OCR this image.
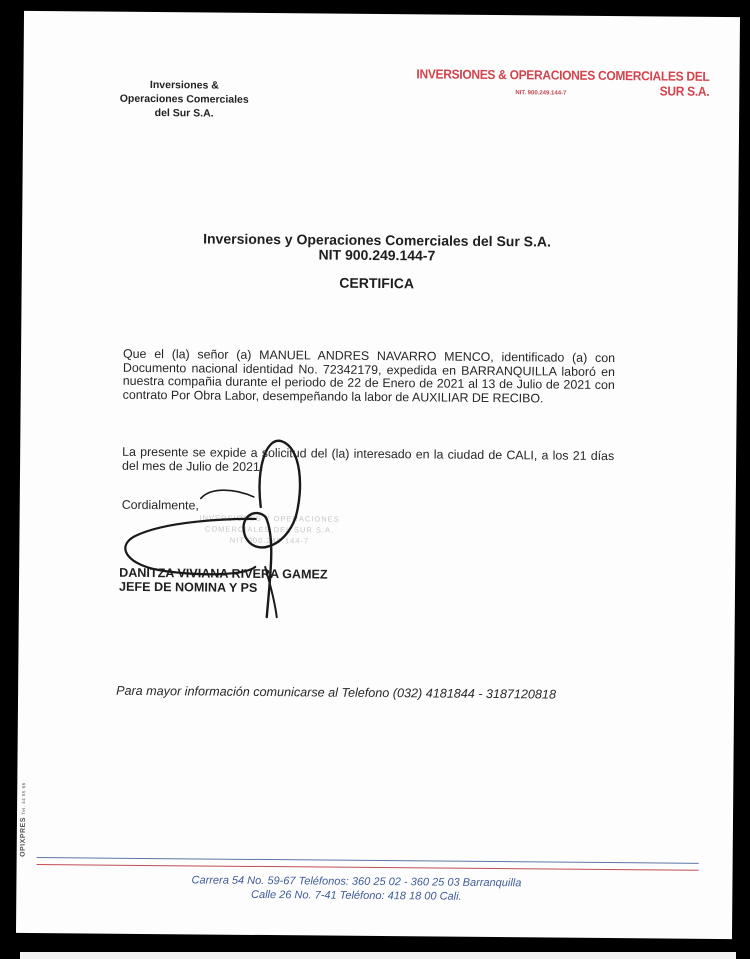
Inversiones &
Operaciones Comerciales
del Sur S.A.
INVERSIONES & OPERACIONES COMERCIALES DEL SUR S.A.
NIT. 900.249.144-7
Inversiones y Operaciones Comerciales del Sur S.A.
NIT 900.249.144-7
CERTIFICA
Que el (la) señor (a) MANUEL ANDRES NAVARRO MENCO, identificado (a) con Documento nacional identidad No. 72342179, expedida en BARRANQUILLA laboró en nuestra compañia durante el periodo de 22 de Enero de 2021 al 13 de Julio de 2021 con contrato Por Obra Labor, desempeñando la labor de AUXILIAR DE RECIBO.
La presente se expide a solicitud del (la) interesado en la ciudad de CALI, a los 21 días del mes de Julio de 2021.
Cordialmente,
INVERSIONES Y OPERACIONES
COMERCIALES DEL SUR S.A.
NIT 900.249.144-7
DANITZA VIVIANA RIVERA GAMEZ
JEFE DE NOMINA Y PS
Para mayor información comunicarse al Telefono (032) 4181844 - 3187120818
OPIXPRES Tel. 44 55 66
Carrera 54 No. 59-67 Teléfonos: 360 25 02 - 360 25 03 Barranquilla
Calle 26 No. 7-41 Teléfono: 418 18 00 Cali.
